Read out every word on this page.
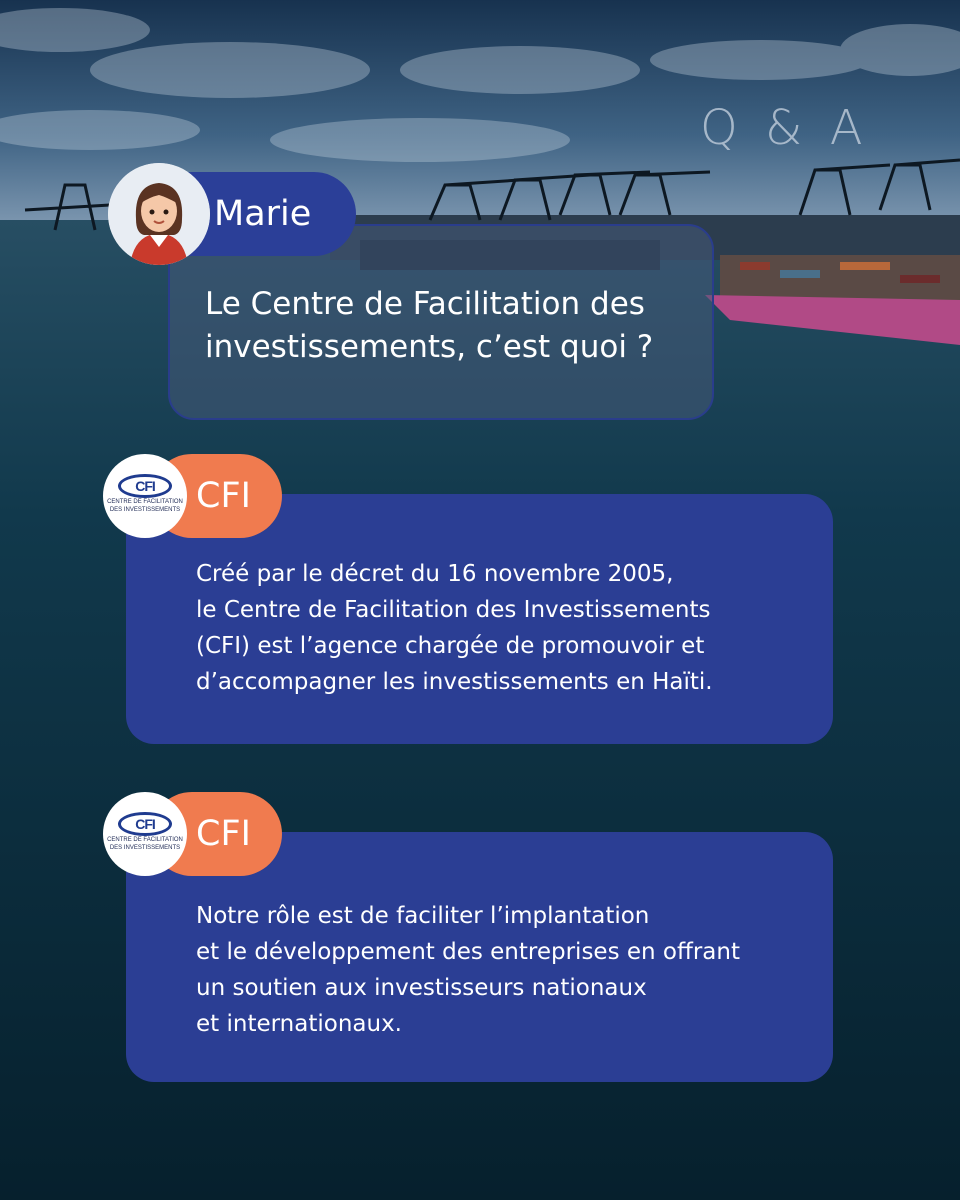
Q & A
Le Centre de Facilitation des investissements, c’est quoi ?
Marie
CFI
CFI
CENTRE DE FACILITATION
DES INVESTISSEMENTS
Créé par le décret du 16 novembre 2005,
le Centre de Facilitation des Investissements
(CFI) est l’agence chargée de promouvoir et
d’accompagner les investissements en Haïti.
CFI
CFI
CENTRE DE FACILITATION
DES INVESTISSEMENTS
Notre rôle est de faciliter l’implantation
et le développement des entreprises en offrant
un soutien aux investisseurs nationaux
et internationaux.
